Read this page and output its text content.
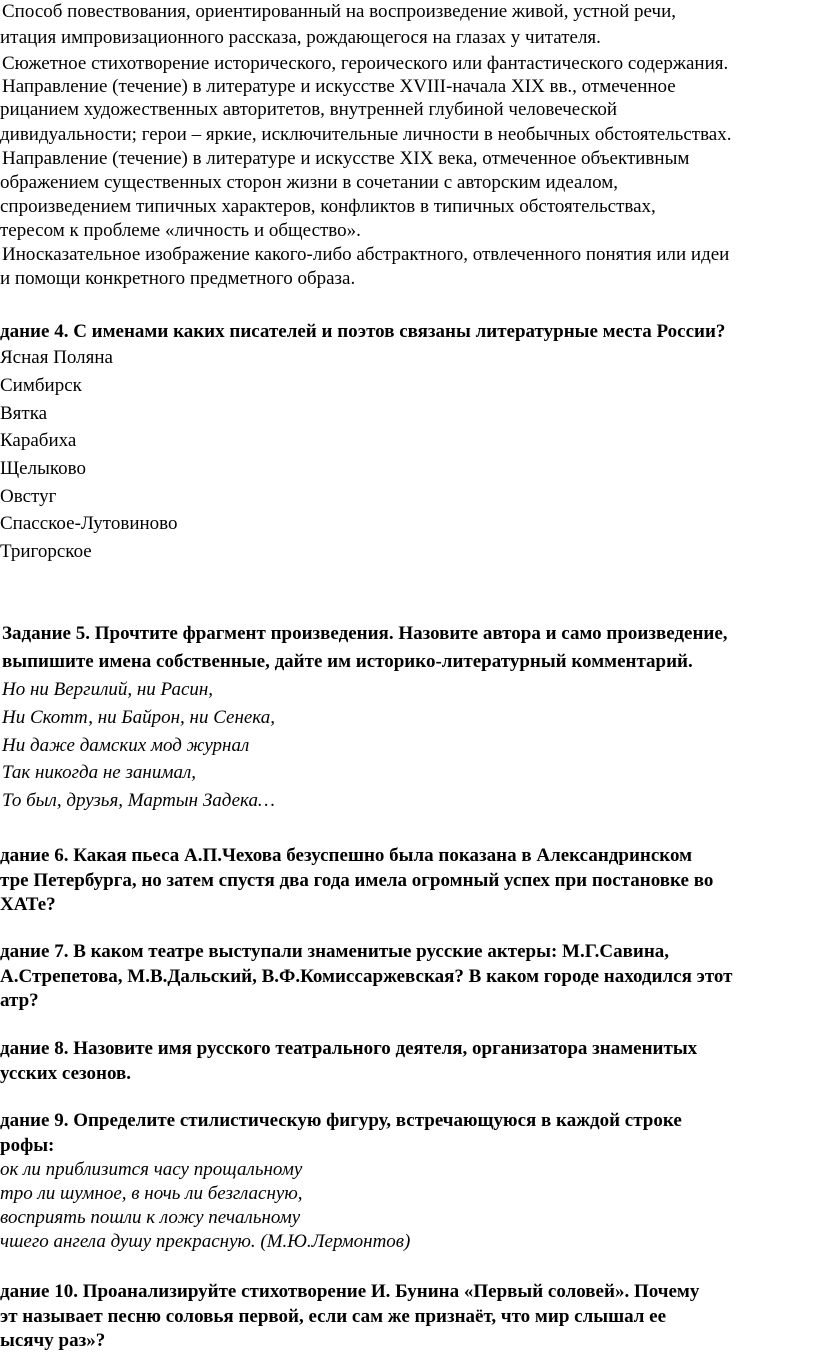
Способ повествования, ориентированный на воспроизведение живой, устной речи,
итация импровизационного рассказа, рождающегося на глазах у читателя.
Сюжетное стихотворение исторического, героического или фантастического содержания.
Направление (течение) в литературе и искусстве XVIII-начала XIX вв., отмеченное
рицанием художественных авторитетов, внутренней глубиной человеческой
дивидуальности; герои – яркие, исключительные личности в необычных обстоятельствах.
Направление (течение) в литературе и искусстве XIX века, отмеченное объективным
ображением существенных сторон жизни в сочетании с авторским идеалом,
спроизведением типичных характеров, конфликтов в типичных обстоятельствах,
тересом к проблеме «личность и общество».
Иносказательное изображение какого-либо абстрактного, отвлеченного понятия или идеи
и помощи конкретного предметного образа.
дание 4. С именами каких писателей и поэтов связаны литературные места России?
Ясная Поляна
Симбирск
Вятка
Карабиха
Щелыково
Овстуг
Спасское-Лутовиново
Тригорское
Задание 5. Прочтите фрагмент произведения. Назовите автора и само произведение,
выпишите имена собственные, дайте им историко-литературный комментарий.
Но ни Вергилий, ни Расин,
Ни Скотт, ни Байрон, ни Сенека,
Ни даже дамских мод журнал
Так никогда не занимал,
То был, друзья, Мартын Задека…
дание 6. Какая пьеса А.П.Чехова безуспешно была показана в Александринском
тре Петербурга, но затем спустя два года имела огромный успех при постановке во
ХАТе?
дание 7. В каком театре выступали знаменитые русские актеры: М.Г.Савина,
А.Стрепетова, М.В.Дальский, В.Ф.Комиссаржевская? В каком городе находился этот
атр?
дание 8. Назовите имя русского театрального деятеля, организатора знаменитых
усских сезонов.
дание 9. Определите стилистическую фигуру, встречающуюся в каждой строке
рофы:
ок ли приблизится часу прощальному
тро ли шумное, в ночь ли безгласную,
восприять пошли к ложу печальному
чшего ангела душу прекрасную. (М.Ю.Лермонтов)
дание 10. Проанализируйте стихотворение И. Бунина «Первый соловей». Почему
эт называет песню соловья первой, если сам же признаёт, что мир слышал ее
ысячу раз»?
